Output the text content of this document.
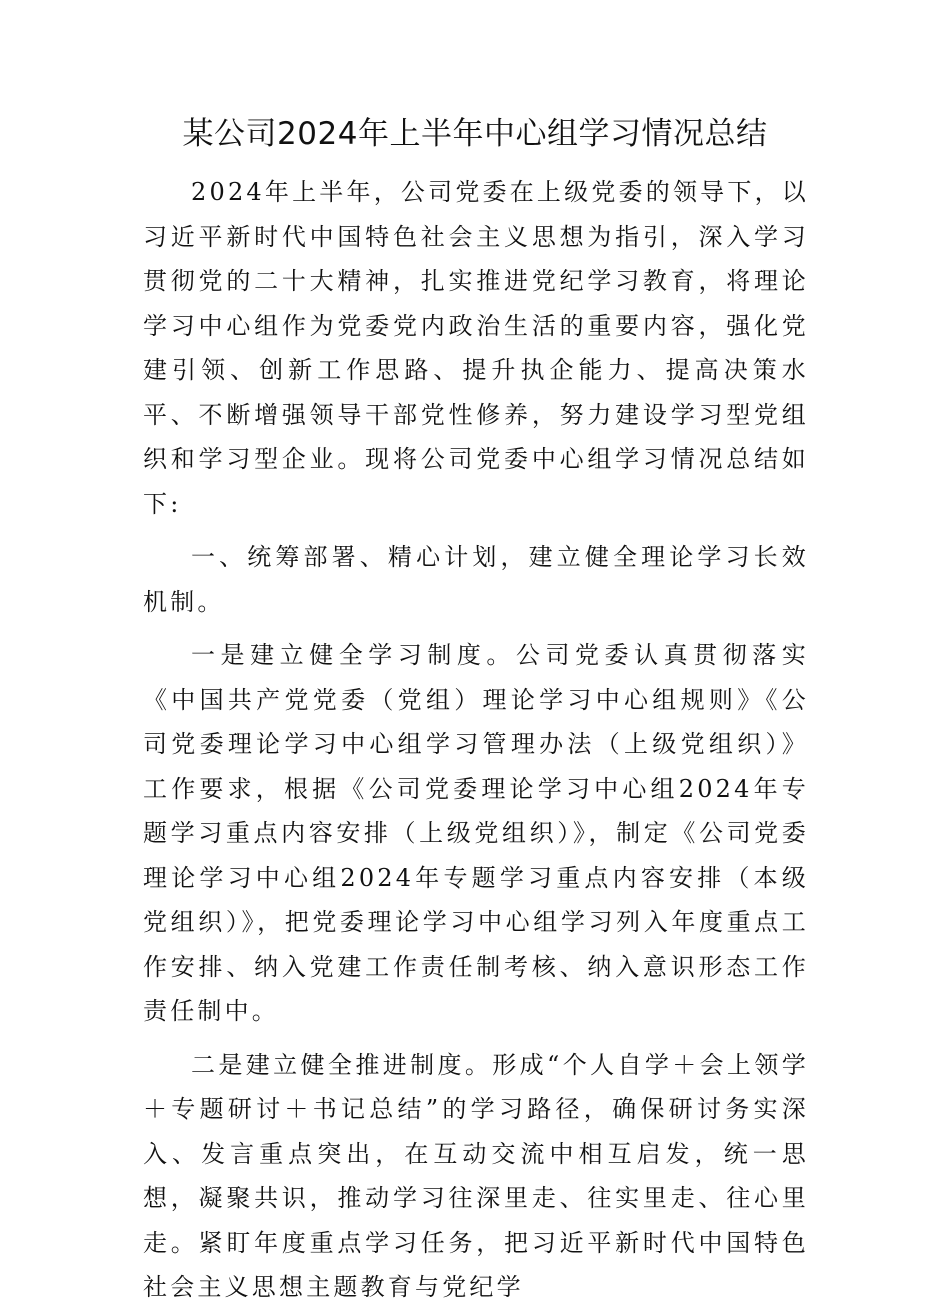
某公司2024年上半年中心组学习情况总结

2024年上半年，公司党委在上级党委的领导下，以习近平新时代中国特色社会主义思想为指引，深入学习贯彻党的二十大精神，扎实推进党纪学习教育，将理论学习中心组作为党委党内政治生活的重要内容，强化党建引领、创新工作思路、提升执企能力、提高决策水平、不断增强领导干部党性修养，努力建设学习型党组织和学习型企业。现将公司党委中心组学习情况总结如下:

一、统筹部署、精心计划，建立健全理论学习长效机制。

一是建立健全学习制度。公司党委认真贯彻落实《中国共产党党委（党组）理论学习中心组规则》《公司党委理论学习中心组学习管理办法（上级党组织）》工作要求，根据《公司党委理论学习中心组2024年专题学习重点内容安排（上级党组织）》，制定《公司党委理论学习中心组2024年专题学习重点内容安排（本级党组织）》，把党委理论学习中心组学习列入年度重点工作安排、纳入党建工作责任制考核、纳入意识形态工作责任制中。

二是建立健全推进制度。形成“个人自学＋会上领学＋专题研讨＋书记总结”的学习路径，确保研讨务实深入、发言重点突出，在互动交流中相互启发，统一思想，凝聚共识，推动学习往深里走、往实里走、往心里走。紧盯年度重点学习任务，把习近平新时代中国特色社会主义思想主题教育与党纪学
